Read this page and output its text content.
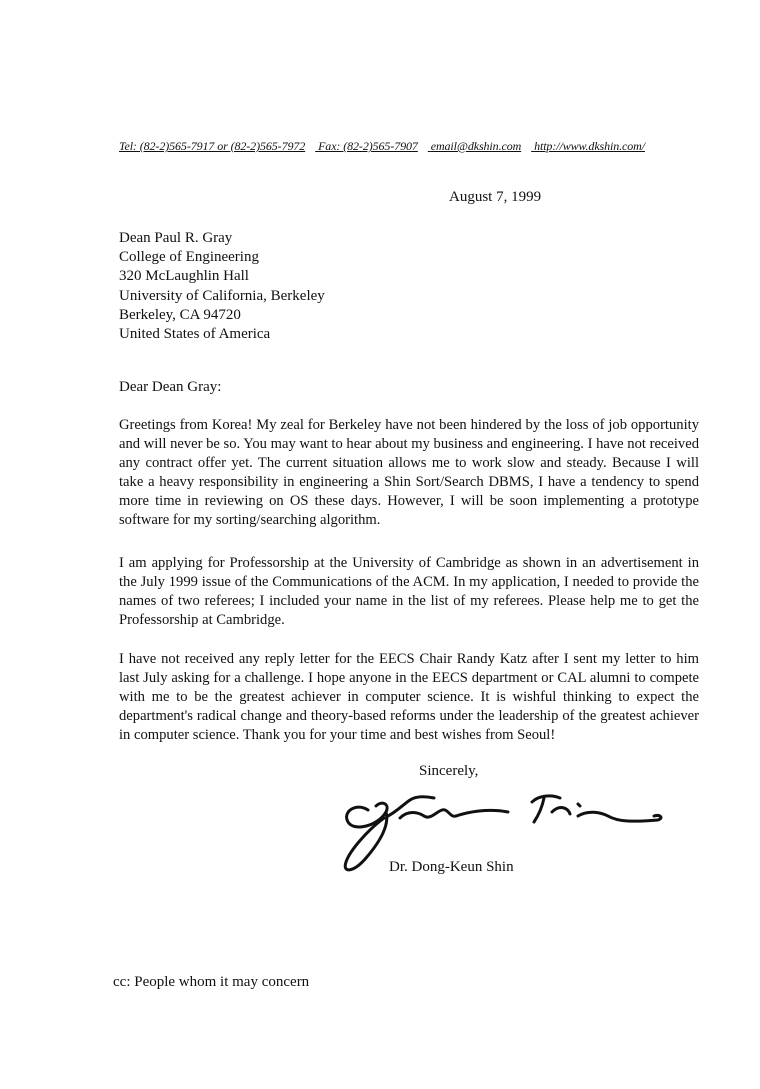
Tel: (82-2)565-7917 or (82-2)565-7972 Fax: (82-2)565-7907 email@dkshin.com http://www.dkshin.com/
August 7, 1999
Dean Paul R. Gray
College of Engineering
320 McLaughlin Hall
University of California, Berkeley
Berkeley, CA 94720
United States of America
Dear Dean Gray:
Greetings from Korea! My zeal for Berkeley have not been hindered by the loss of job opportunity and will never be so. You may want to hear about my business and engineering. I have not received any contract offer yet. The current situation allows me to work slow and steady. Because I will take a heavy responsibility in engineering a Shin Sort/Search DBMS, I have a tendency to spend more time in reviewing on OS these days. However, I will be soon implementing a prototype software for my sorting/searching algorithm.
I am applying for Professorship at the University of Cambridge as shown in an advertisement in the July 1999 issue of the Communications of the ACM. In my application, I needed to provide the names of two referees; I included your name in the list of my referees. Please help me to get the Professorship at Cambridge.
I have not received any reply letter for the EECS Chair Randy Katz after I sent my letter to him last July asking for a challenge. I hope anyone in the EECS department or CAL alumni to compete with me to be the greatest achiever in computer science. It is wishful thinking to expect the department's radical change and theory-based reforms under the leadership of the greatest achiever in computer science. Thank you for your time and best wishes from Seoul!
Sincerely,
Dr. Dong-Keun Shin
cc: People whom it may concern
